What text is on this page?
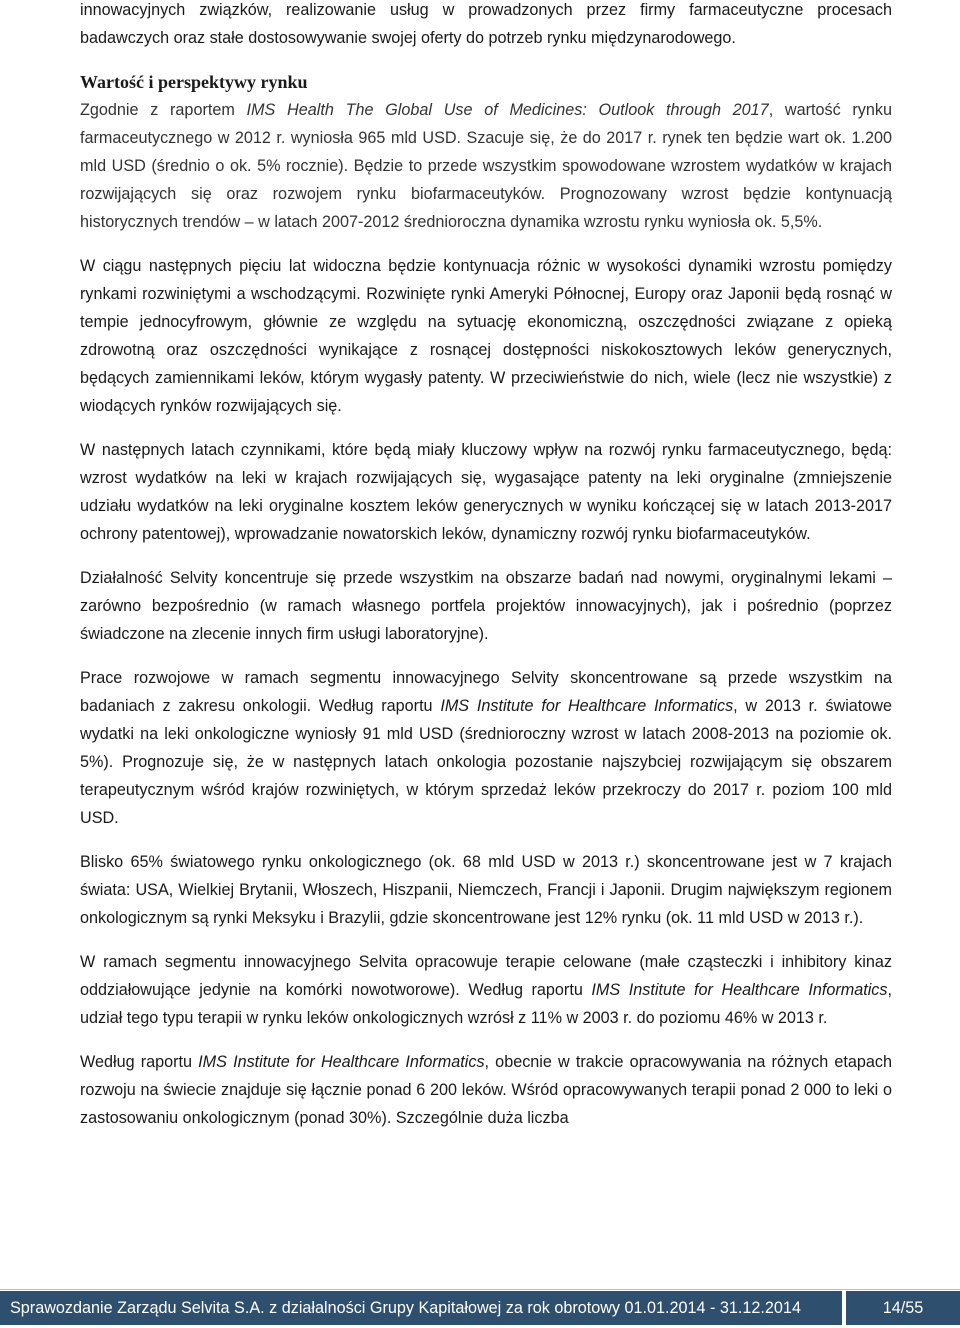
innowacyjnych związków, realizowanie usług w prowadzonych przez firmy farmaceutyczne procesach badawczych oraz stałe dostosowywanie swojej oferty do potrzeb rynku międzynarodowego.

Wartość i perspektywy rynku

Zgodnie z raportem IMS Health The Global Use of Medicines: Outlook through 2017, wartość rynku farmaceutycznego w 2012 r. wyniosła 965 mld USD. Szacuje się, że do 2017 r. rynek ten będzie wart ok. 1.200 mld USD (średnio o ok. 5% rocznie). Będzie to przede wszystkim spowodowane wzrostem wydatków w krajach rozwijających się oraz rozwojem rynku biofarmaceutyków. Prognozowany wzrost będzie kontynuacją historycznych trendów – w latach 2007-2012 średnioroczna dynamika wzrostu rynku wyniosła ok. 5,5%.

W ciągu następnych pięciu lat widoczna będzie kontynuacja różnic w wysokości dynamiki wzrostu pomiędzy rynkami rozwiniętymi a wschodzącymi. Rozwinięte rynki Ameryki Północnej, Europy oraz Japonii będą rosnąć w tempie jednocyfrowym, głównie ze względu na sytuację ekonomiczną, oszczędności związane z opieką zdrowotną oraz oszczędności wynikające z rosnącej dostępności niskokosztowych leków generycznych, będących zamiennikami leków, którym wygasły patenty. W przeciwieństwie do nich, wiele (lecz nie wszystkie) z wiodących rynków rozwijających się.

W następnych latach czynnikami, które będą miały kluczowy wpływ na rozwój rynku farmaceutycznego, będą: wzrost wydatków na leki w krajach rozwijających się, wygasające patenty na leki oryginalne (zmniejszenie udziału wydatków na leki oryginalne kosztem leków generycznych w wyniku kończącej się w latach 2013-2017 ochrony patentowej), wprowadzanie nowatorskich leków, dynamiczny rozwój rynku biofarmaceutyków.

Działalność Selvity koncentruje się przede wszystkim na obszarze badań nad nowymi, oryginalnymi lekami – zarówno bezpośrednio (w ramach własnego portfela projektów innowacyjnych), jak i pośrednio (poprzez świadczone na zlecenie innych firm usługi laboratoryjne).

Prace rozwojowe w ramach segmentu innowacyjnego Selvity skoncentrowane są przede wszystkim na badaniach z zakresu onkologii. Według raportu IMS Institute for Healthcare Informatics, w 2013 r. światowe wydatki na leki onkologiczne wyniosły 91 mld USD (średnioroczny wzrost w latach 2008-2013 na poziomie ok. 5%). Prognozuje się, że w następnych latach onkologia pozostanie najszybciej rozwijającym się obszarem terapeutycznym wśród krajów rozwiniętych, w którym sprzedaż leków przekroczy do 2017 r. poziom 100 mld USD.

Blisko 65% światowego rynku onkologicznego (ok. 68 mld USD w 2013 r.) skoncentrowane jest w 7 krajach świata: USA, Wielkiej Brytanii, Włoszech, Hiszpanii, Niemczech, Francji i Japonii. Drugim największym regionem onkologicznym są rynki Meksyku i Brazylii, gdzie skoncentrowane jest 12% rynku (ok. 11 mld USD w 2013 r.).

W ramach segmentu innowacyjnego Selvita opracowuje terapie celowane (małe cząsteczki i inhibitory kinaz oddziałowujące jedynie na komórki nowotworowe). Według raportu IMS Institute for Healthcare Informatics, udział tego typu terapii w rynku leków onkologicznych wzrósł z 11% w 2003 r. do poziomu 46% w 2013 r.

Według raportu IMS Institute for Healthcare Informatics, obecnie w trakcie opracowywania na różnych etapach rozwoju na świecie znajduje się łącznie ponad 6 200 leków. Wśród opracowywanych terapii ponad 2 000 to leki o zastosowaniu onkologicznym (ponad 30%). Szczególnie duża liczba

Sprawozdanie Zarządu Selvita S.A. z działalności Grupy Kapitałowej za rok obrotowy 01.01.2014 - 31.12.2014	14/55
